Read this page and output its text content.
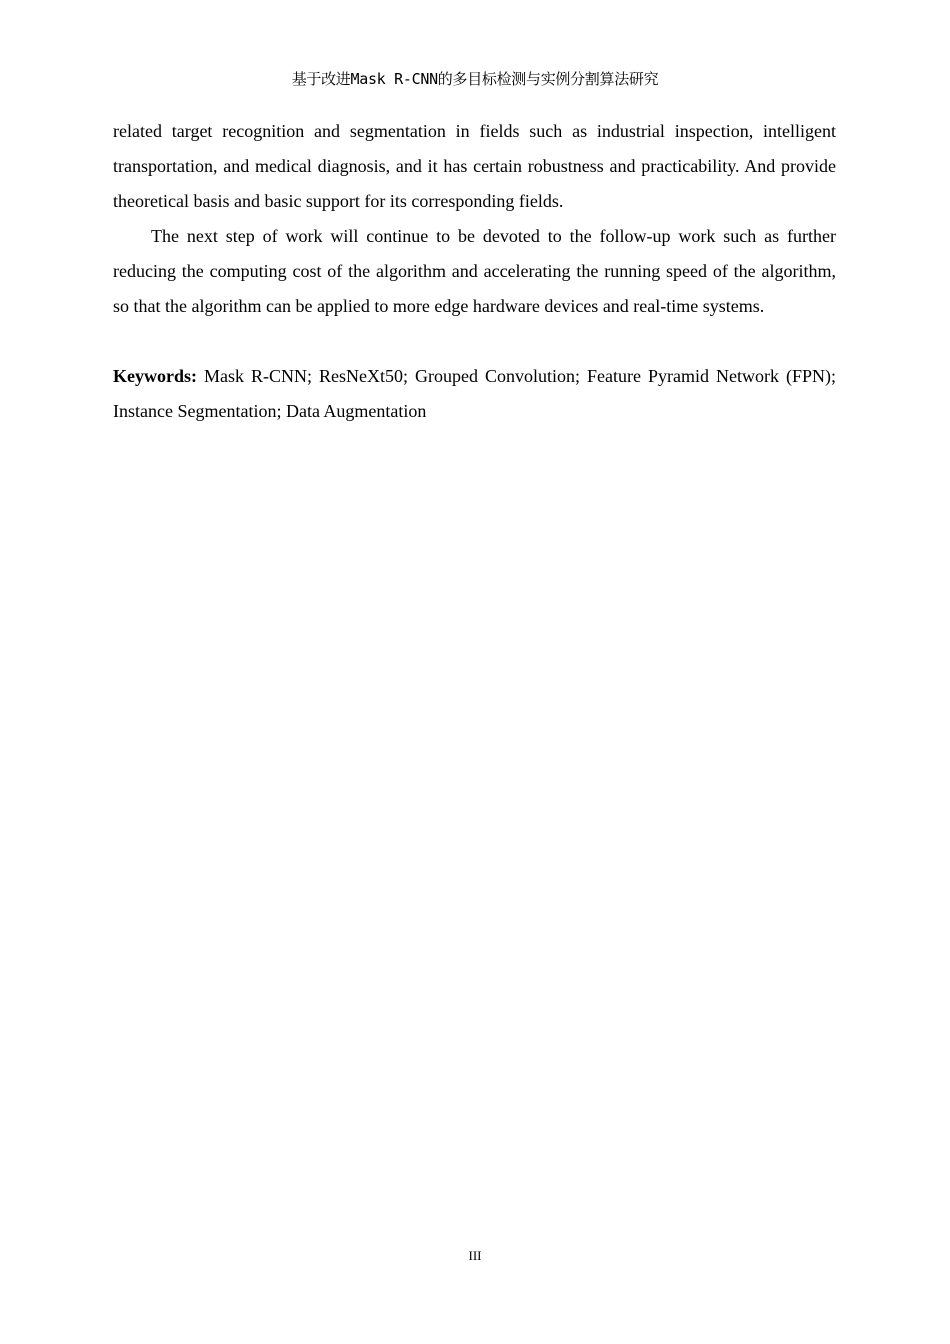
基于改进Mask R-CNN的多目标检测与实例分割算法研究

related target recognition and segmentation in fields such as industrial inspection, intelligent transportation, and medical diagnosis, and it has certain robustness and practicability. And provide theoretical basis and basic support for its corresponding fields.

The next step of work will continue to be devoted to the follow-up work such as further reducing the computing cost of the algorithm and accelerating the running speed of the algorithm, so that the algorithm can be applied to more edge hardware devices and real-time systems.

Keywords: Mask R-CNN; ResNeXt50; Grouped Convolution; Feature Pyramid Network (FPN); Instance Segmentation; Data Augmentation

III
